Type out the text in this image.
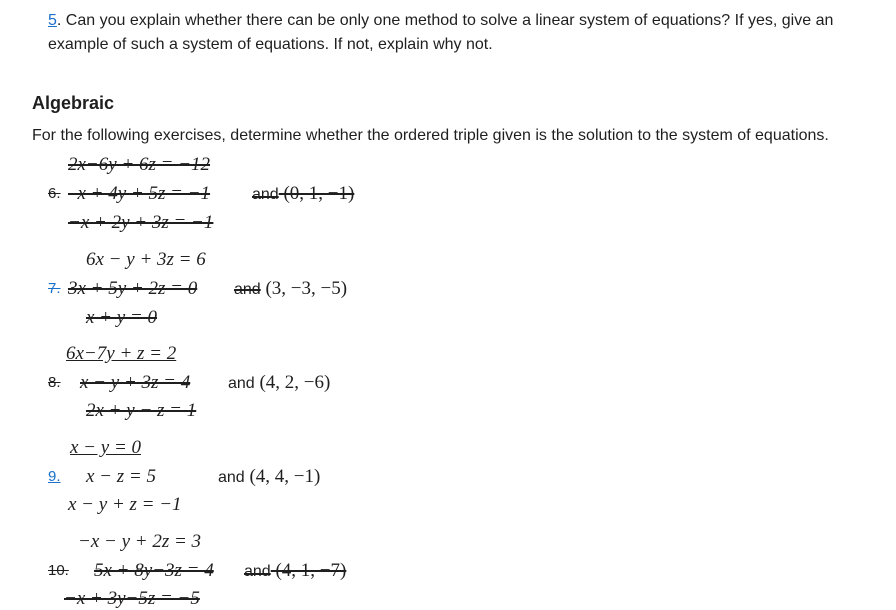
5. Can you explain whether there can be only one method to solve a linear system of equations? If yes, give an example of such a system of equations. If not, explain why not.
Algebraic
For the following exercises, determine whether the ordered triple given is the solution to the system of equations.
2x−6y + 6z = −12
6. x + 4y + 5z = −1	and (0, 1, −1)
−x + 2y + 3z = −1
6x − y + 3z = 6
7. 3x + 5y + 2z = 0 and (3, −3, −5)
x + y = 0
6x−7y + z = 2
8. x − y + 3z = 4 and (4, 2, −6)
2x + y − z = 1
x − y = 0
9. x − z = 5	and (4, 4, −1)
x − y + z = −1
−x − y + 2z = 3
10. 5x + 8y−3z = 4 and (4, 1, −7)
−x + 3y−5z = −5
